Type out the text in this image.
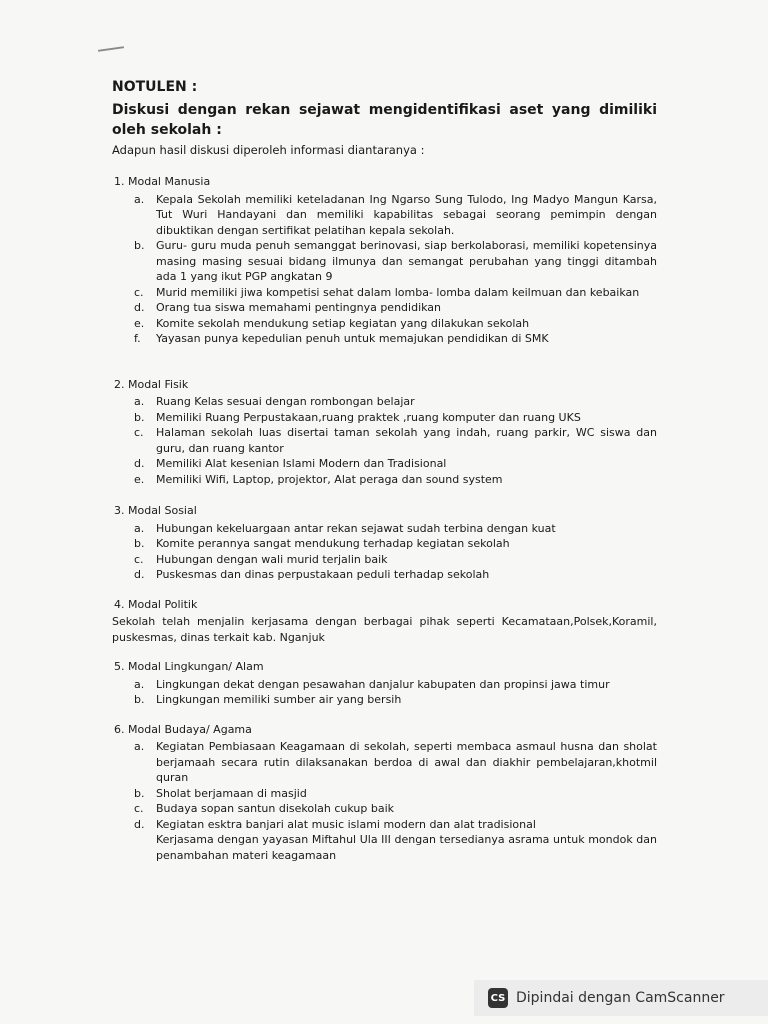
NOTULEN :
Diskusi dengan rekan sejawat mengidentifikasi aset yang dimiliki oleh sekolah :
Adapun hasil diskusi diperoleh informasi diantaranya :
1. Modal Manusia
a. Kepala Sekolah memiliki keteladanan Ing Ngarso Sung Tulodo, Ing Madyo Mangun Karsa, Tut Wuri Handayani dan memiliki kapabilitas sebagai seorang pemimpin dengan dibuktikan dengan sertifikat pelatihan kepala sekolah.
b. Guru- guru muda penuh semanggat berinovasi, siap berkolaborasi, memiliki kopetensinya masing masing sesuai bidang ilmunya dan semangat perubahan yang tinggi ditambah ada 1 yang ikut PGP angkatan 9
c. Murid memiliki jiwa kompetisi sehat dalam lomba- lomba dalam keilmuan dan kebaikan
d. Orang tua siswa memahami pentingnya pendidikan
e. Komite sekolah mendukung setiap kegiatan yang dilakukan sekolah
f. Yayasan punya kepedulian penuh untuk memajukan pendidikan di SMK
2. Modal Fisik
a. Ruang Kelas sesuai dengan rombongan belajar
b. Memiliki Ruang Perpustakaan,ruang praktek ,ruang komputer dan ruang UKS
c. Halaman sekolah luas disertai taman sekolah yang indah, ruang parkir, WC siswa dan guru, dan ruang kantor
d. Memiliki Alat kesenian Islami Modern dan Tradisional
e. Memiliki Wifi, Laptop, projektor, Alat peraga dan sound system
3. Modal Sosial
a. Hubungan kekeluargaan antar rekan sejawat sudah terbina dengan kuat
b. Komite perannya sangat mendukung terhadap kegiatan sekolah
c. Hubungan dengan wali murid terjalin baik
d. Puskesmas dan dinas perpustakaan peduli terhadap sekolah
4. Modal Politik
Sekolah telah menjalin kerjasama dengan berbagai pihak seperti Kecamataan,Polsek,Koramil, puskesmas, dinas terkait kab. Nganjuk
5. Modal Lingkungan/ Alam
a. Lingkungan dekat dengan pesawahan danjalur kabupaten dan propinsi jawa timur
b. Lingkungan memiliki sumber air yang bersih
6. Modal Budaya/ Agama
a. Kegiatan Pembiasaan Keagamaan di sekolah, seperti membaca asmaul husna dan sholat berjamaah secara rutin dilaksanakan berdoa di awal dan diakhir pembelajaran,khotmil quran
b. Sholat berjamaan di masjid
c. Budaya sopan santun disekolah cukup baik
d. Kegiatan esktra banjari alat music islami modern dan alat tradisional
Kerjasama dengan yayasan Miftahul Ula III dengan tersedianya asrama untuk mondok dan penambahan materi keagamaan
CS Dipindai dengan CamScanner
